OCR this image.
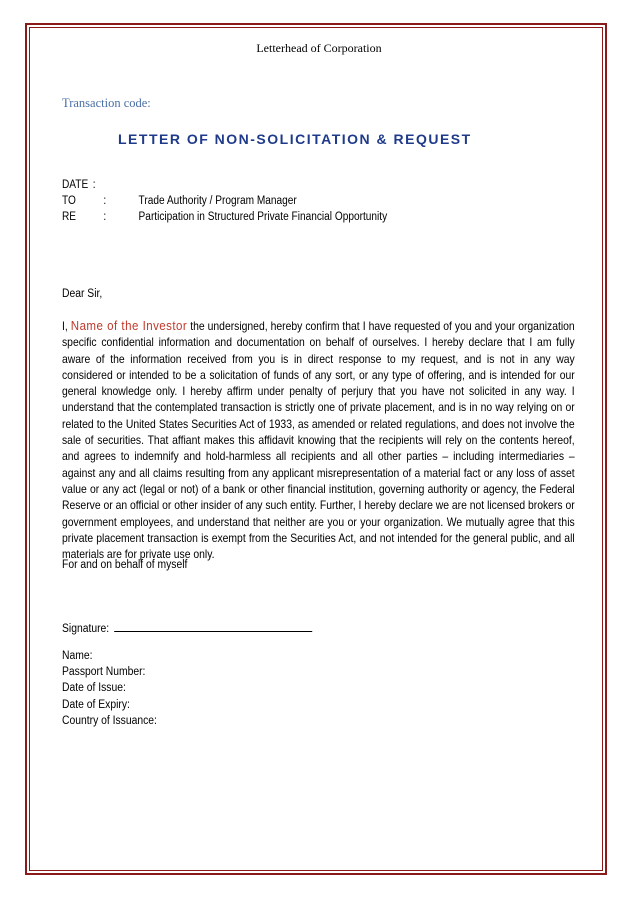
Letterhead of Corporation
Transaction code:
LETTER OF NON-SOLICITATION & REQUEST
DATE :
TO :	Trade Authority / Program Manager
RE :	Participation in Structured Private Financial Opportunity
Dear Sir,
I, Name of the Investor the undersigned, hereby confirm that I have requested of you and your organization specific confidential information and documentation on behalf of ourselves. I hereby declare that I am fully aware of the information received from you is in direct response to my request, and is not in any way considered or intended to be a solicitation of funds of any sort, or any type of offering, and is intended for our general knowledge only. I hereby affirm under penalty of perjury that you have not solicited in any way. I understand that the contemplated transaction is strictly one of private placement, and is in no way relying on or related to the United States Securities Act of 1933, as amended or related regulations, and does not involve the sale of securities. That affiant makes this affidavit knowing that the recipients will rely on the contents hereof, and agrees to indemnify and hold-harmless all recipients and all other parties – including intermediaries – against any and all claims resulting from any applicant misrepresentation of a material fact or any loss of asset value or any act (legal or not) of a bank or other financial institution, governing authority or agency, the Federal Reserve or an official or other insider of any such entity. Further, I hereby declare we are not licensed brokers or government employees, and understand that neither are you or your organization. We mutually agree that this private placement transaction is exempt from the Securities Act, and not intended for the general public, and all materials are for private use only.
For and on behalf of myself
Signature:
Name:
Passport Number:
Date of Issue:
Date of Expiry:
Country of Issuance:
